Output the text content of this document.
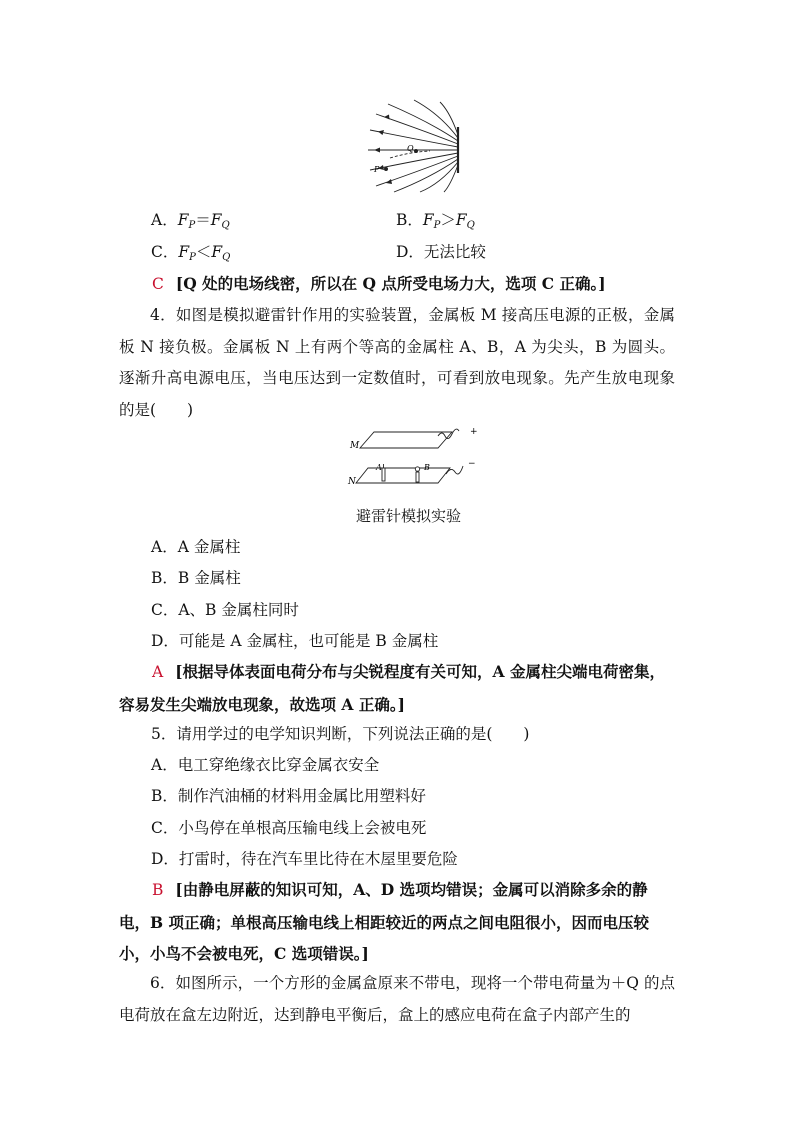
P
Q
A．$F_P=F_Q$	B．$F_P>F_Q$
C．$F_P<F_Q$	D．无法比较
C [Q 处的电场线密，所以在 Q 点所受电场力大，选项 C 正确。]
4．如图是模拟避雷针作用的实验装置，金属板 M 接高压电源的正极，金属板 N 接负极。金属板 N 上有两个等高的金属柱 A、B，A 为尖头，B 为圆头。逐渐升高电源电压，当电压达到一定数值时，可看到放电现象。先产生放电现象的是(　　)
M
N
A	B
+
−
避雷针模拟实验
A．A 金属柱
B．B 金属柱
C．A、B 金属柱同时
D．可能是 A 金属柱，也可能是 B 金属柱
A [根据导体表面电荷分布与尖锐程度有关可知，A 金属柱尖端电荷密集，容易发生尖端放电现象，故选项 A 正确。]
5．请用学过的电学知识判断，下列说法正确的是(　　)
A．电工穿绝缘衣比穿金属衣安全
B．制作汽油桶的材料用金属比用塑料好
C．小鸟停在单根高压输电线上会被电死
D．打雷时，待在汽车里比待在木屋里要危险
B [由静电屏蔽的知识可知，A、D 选项均错误；金属可以消除多余的静电，B 项正确；单根高压输电线上相距较近的两点之间电阻很小，因而电压较小，小鸟不会被电死，C 选项错误。]
6．如图所示，一个方形的金属盒原来不带电，现将一个带电荷量为＋Q 的点电荷放在盒左边附近，达到静电平衡后，盒上的感应电荷在盒子内部产生的
